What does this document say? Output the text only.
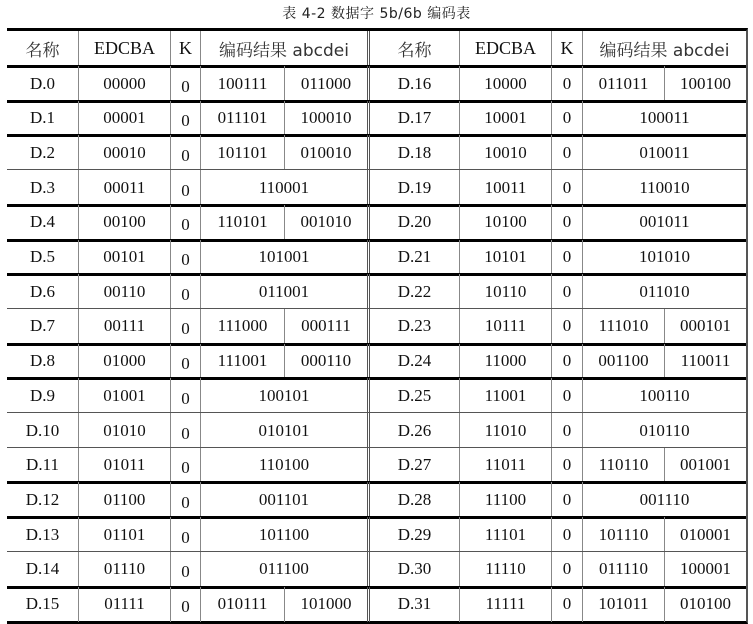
表 4-2 数据字 5b/6b 编码表
名称	EDCBA	K	编码结果 abcdei	名称	EDCBA	K	编码结果 abcdei
D.0	00000	0	100111	011000	D.16	10000	0	011011	100100
D.1	00001	0	011101	100010	D.17	10001	0	100011
D.2	00010	0	101101	010010	D.18	10010	0	010011
D.3	00011	0	110001	D.19	10011	0	110010
D.4	00100	0	110101	001010	D.20	10100	0	001011
D.5	00101	0	101001	D.21	10101	0	101010
D.6	00110	0	011001	D.22	10110	0	011010
D.7	00111	0	111000	000111	D.23	10111	0	111010	000101
D.8	01000	0	111001	000110	D.24	11000	0	001100	110011
D.9	01001	0	100101	D.25	11001	0	100110
D.10	01010	0	010101	D.26	11010	0	010110
D.11	01011	0	110100	D.27	11011	0	110110	001001
D.12	01100	0	001101	D.28	11100	0	001110
D.13	01101	0	101100	D.29	11101	0	101110	010001
D.14	01110	0	011100	D.30	11110	0	011110	100001
D.15	01111	0	010111	101000	D.31	11111	0	101011	010100
